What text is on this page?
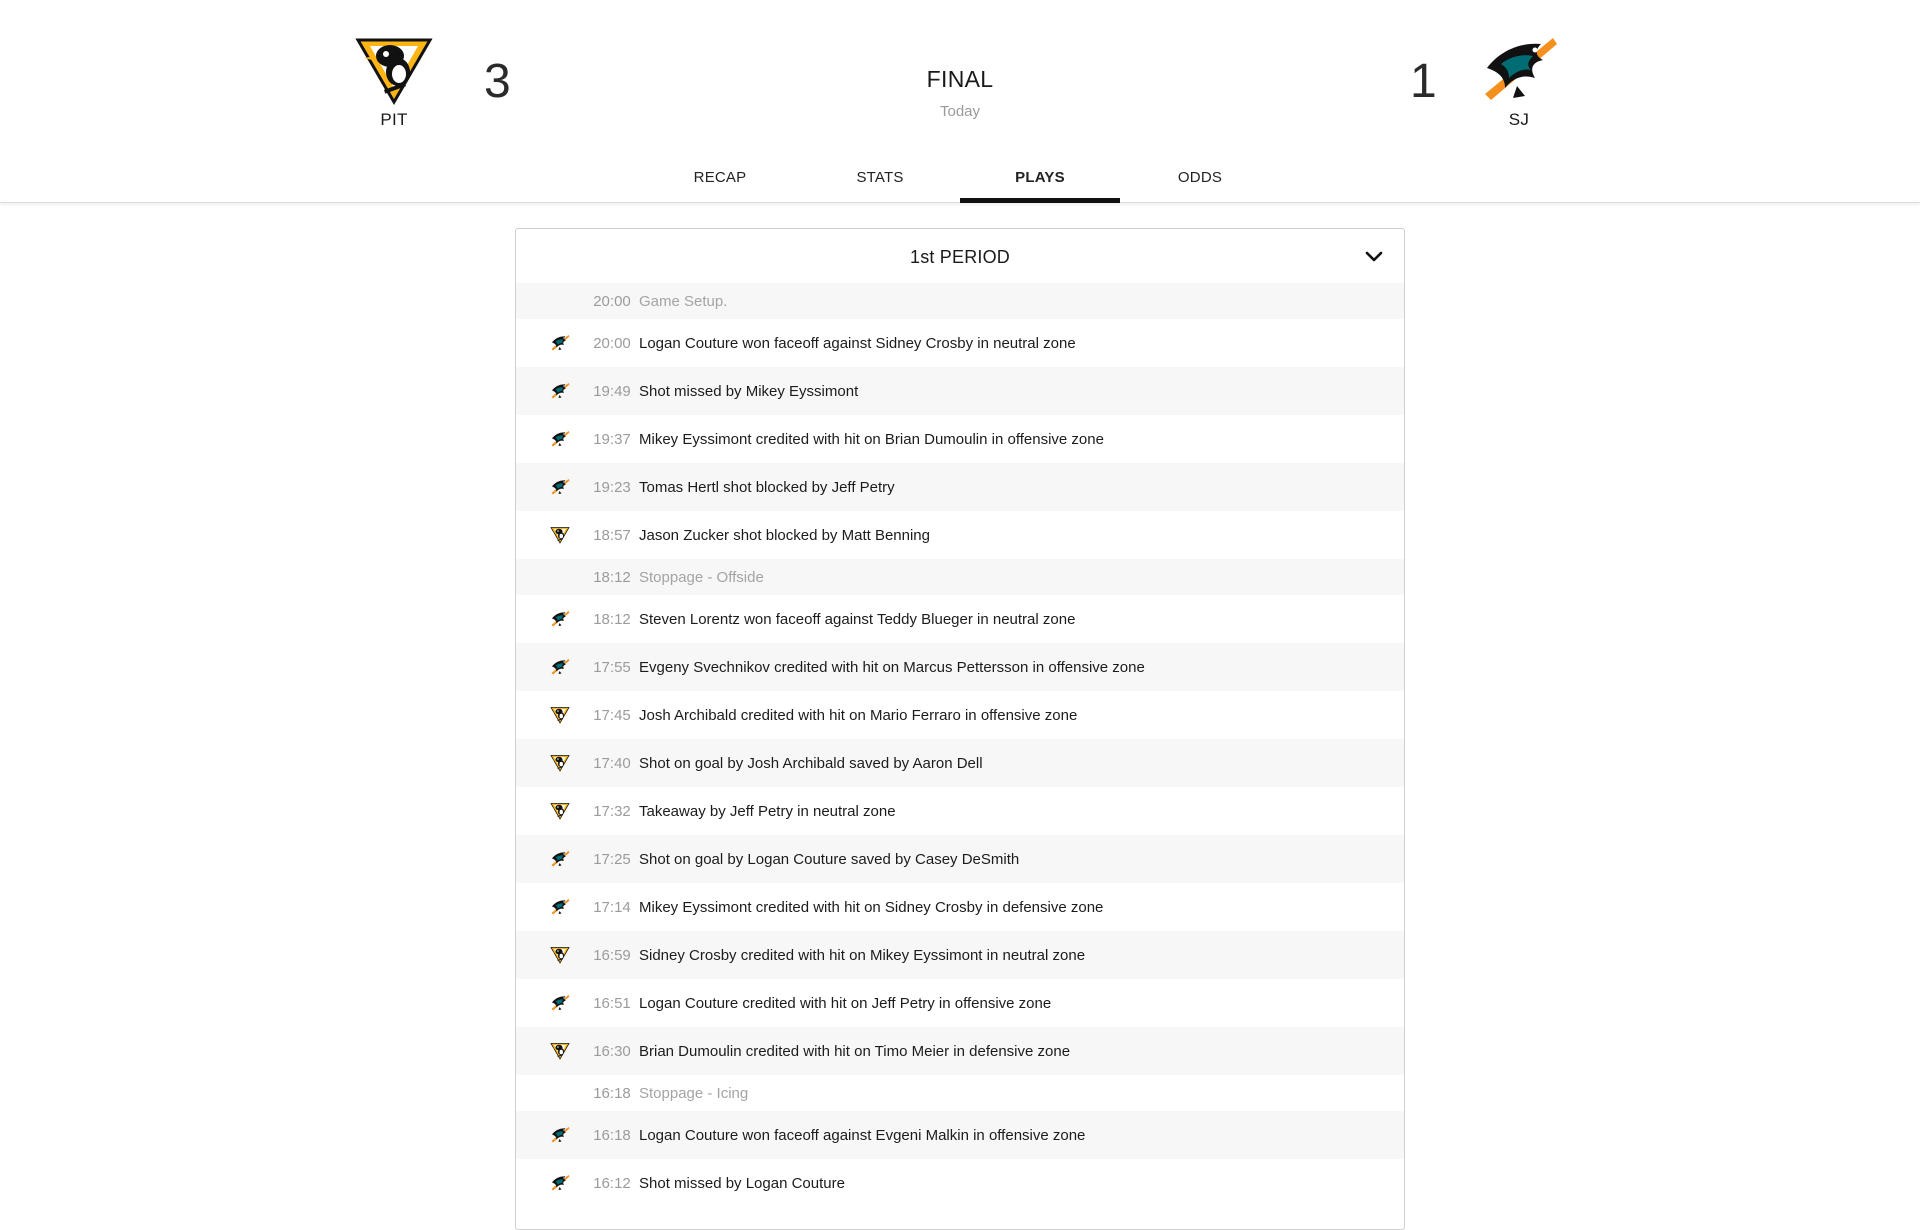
PIT
3	FINAL
Today
1
SJ
RECAP	STATS	PLAYS	ODDS
1st PERIOD
20:00 Game Setup.
20:00 Logan Couture won faceoff against Sidney Crosby in neutral zone
19:49 Shot missed by Mikey Eyssimont
19:37 Mikey Eyssimont credited with hit on Brian Dumoulin in offensive zone
19:23 Tomas Hertl shot blocked by Jeff Petry
18:57 Jason Zucker shot blocked by Matt Benning
18:12 Stoppage - Offside
18:12 Steven Lorentz won faceoff against Teddy Blueger in neutral zone
17:55 Evgeny Svechnikov credited with hit on Marcus Pettersson in offensive zone
17:45 Josh Archibald credited with hit on Mario Ferraro in offensive zone
17:40 Shot on goal by Josh Archibald saved by Aaron Dell
17:32 Takeaway by Jeff Petry in neutral zone
17:25 Shot on goal by Logan Couture saved by Casey DeSmith
17:14 Mikey Eyssimont credited with hit on Sidney Crosby in defensive zone
16:59 Sidney Crosby credited with hit on Mikey Eyssimont in neutral zone
16:51 Logan Couture credited with hit on Jeff Petry in offensive zone
16:30 Brian Dumoulin credited with hit on Timo Meier in defensive zone
16:18 Stoppage - Icing
16:18 Logan Couture won faceoff against Evgeni Malkin in offensive zone
16:12 Shot missed by Logan Couture
